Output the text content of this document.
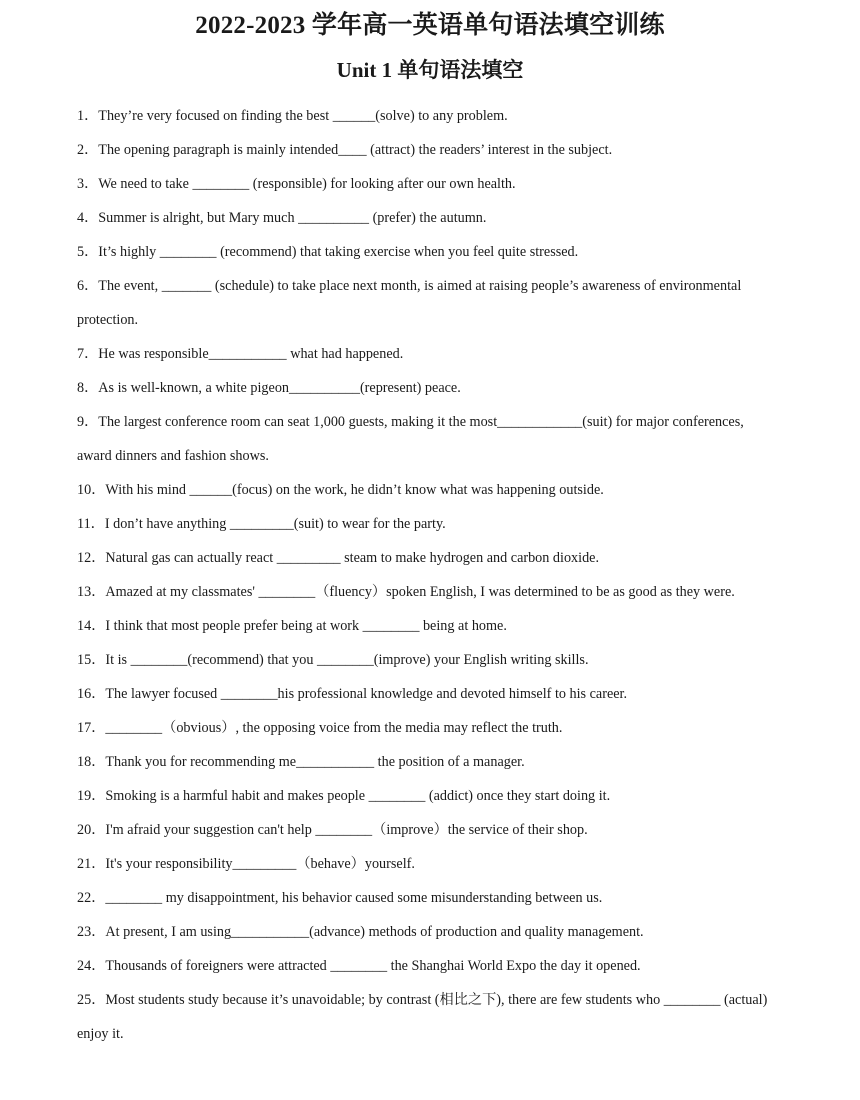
2022-2023 学年高一英语单句语法填空训练
Unit 1 单句语法填空
1．They’re very focused on finding the best ______(solve) to any problem.
2．The opening paragraph is mainly intended____ (attract) the readers’ interest in the subject.
3．We need to take ________ (responsible) for looking after our own health.
4．Summer is alright, but Mary much __________ (prefer) the autumn.
5．It’s highly ________ (recommend) that taking exercise when you feel quite stressed.
6．The event, _______ (schedule) to take place next month, is aimed at raising people’s awareness of environmental protection.
7．He was responsible___________ what had happened.
8．As is well-known, a white pigeon__________(represent) peace.
9．The largest conference room can seat 1,000 guests, making it the most____________(suit) for major conferences, award dinners and fashion shows.
10．With his mind ______(focus) on the work, he didn’t know what was happening outside.
11．I don’t have anything _________(suit) to wear for the party.
12．Natural gas can actually react _________ steam to make hydrogen and carbon dioxide.
13．Amazed at my classmates' ________（fluency）spoken English, I was determined to be as good as they were.
14．I think that most people prefer being at work ________ being at home.
15．It is ________(recommend) that you ________(improve) your English writing skills.
16．The lawyer focused ________his professional knowledge and devoted himself to his career.
17．________（obvious）, the opposing voice from the media may reflect the truth.
18．Thank you for recommending me___________ the position of a manager.
19．Smoking is a harmful habit and makes people ________ (addict) once they start doing it.
20．I'm afraid your suggestion can't help ________（improve）the service of their shop.
21．It's your responsibility_________（behave）yourself.
22．________ my disappointment, his behavior caused some misunderstanding between us.
23．At present, I am using___________(advance) methods of production and quality management.
24．Thousands of foreigners were attracted ________ the Shanghai World Expo the day it opened.
25．Most students study because it’s unavoidable; by contrast (相比之下), there are few students who ________ (actual) enjoy it.
